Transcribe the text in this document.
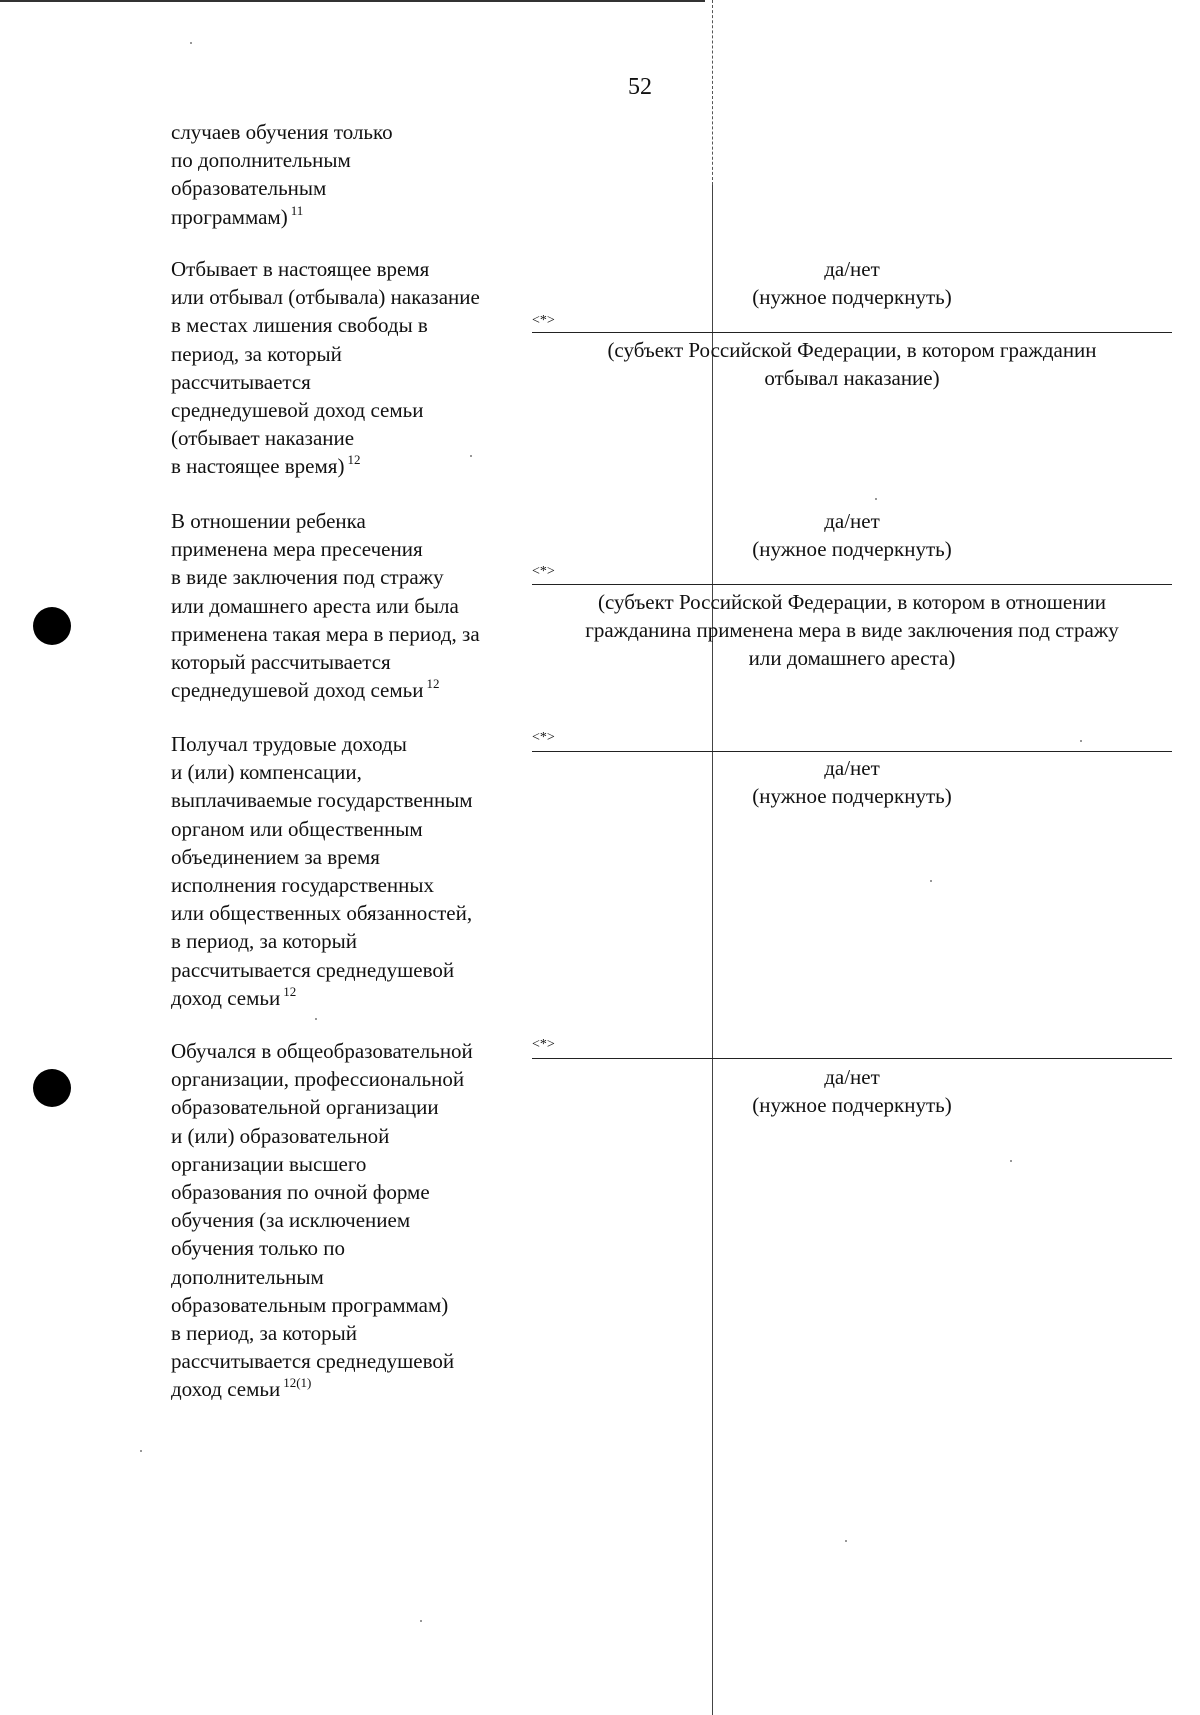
52
случаев обучения только
по дополнительным
образовательным
программам) $^{11}$
Отбывает в настоящее время
или отбывал (отбывала) наказание
в местах лишения свободы в
период, за который
рассчитывается
среднедушевой доход семьи
(отбывает наказание
в настоящее время) $^{12}$
да/нет
(нужное подчеркнуть)
<*>
(субъект Российской Федерации, в котором гражданин
отбывал наказание)
В отношении ребенка
применена мера пресечения
в виде заключения под стражу
или домашнего ареста или была
применена такая мера в период, за
который рассчитывается
среднедушевой доход семьи $^{12}$
да/нет
(нужное подчеркнуть)
<*>
(субъект Российской Федерации, в котором в отношении
гражданина применена мера в виде заключения под стражу
или домашнего ареста)
<*>
Получал трудовые доходы
и (или) компенсации,
выплачиваемые государственным
органом или общественным
объединением за время
исполнения государственных
или общественных обязанностей,
в период, за который
рассчитывается среднедушевой
доход семьи $^{12}$
да/нет
(нужное подчеркнуть)
<*>
Обучался в общеобразовательной
организации, профессиональной
образовательной организации
и (или) образовательной
организации высшего
образования по очной форме
обучения (за исключением
обучения только по
дополнительным
образовательным программам)
в период, за который
рассчитывается среднедушевой
доход семьи $^{12(1)}$
да/нет
(нужное подчеркнуть)
